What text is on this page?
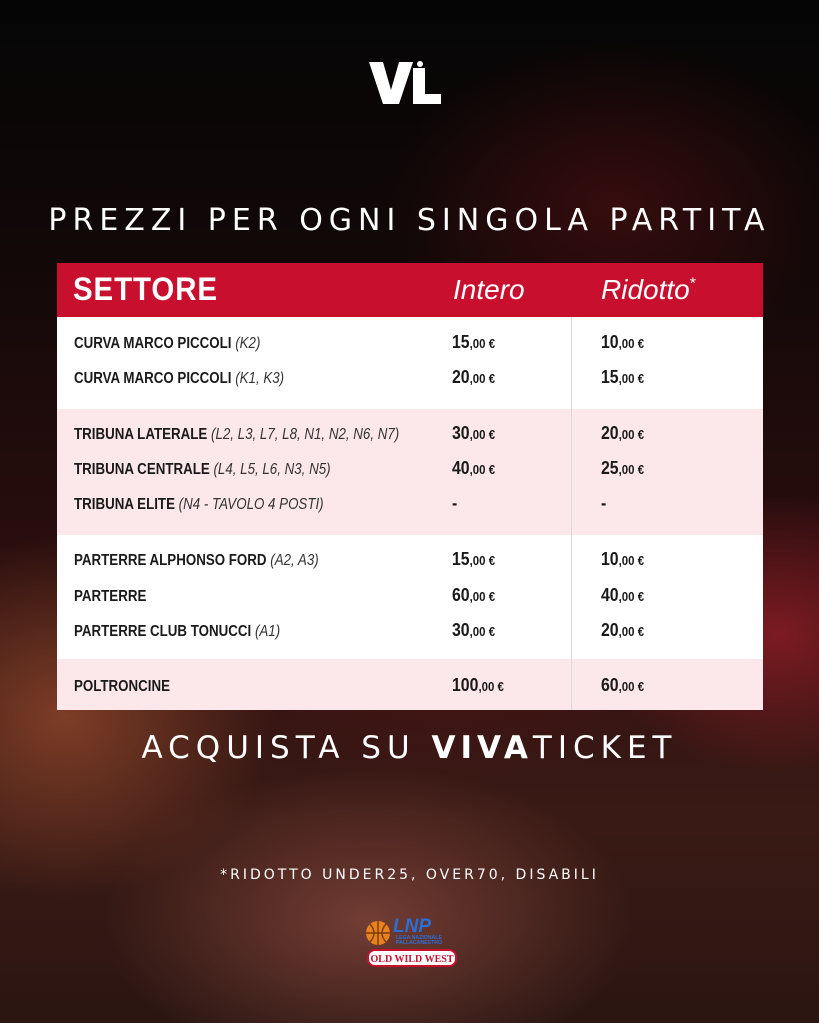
PREZZI PER OGNI SINGOLA PARTITA
SETTORE	Intero	Ridotto*
CURVA MARCO PICCOLI (K2)	15,00 €	10,00 €
CURVA MARCO PICCOLI (K1, K3)	20,00 €	15,00 €
TRIBUNA LATERALE (L2, L3, L7, L8, N1, N2, N6, N7)	30,00 €	20,00 €
TRIBUNA CENTRALE (L4, L5, L6, N3, N5)	40,00 €	25,00 €
TRIBUNA ELITE (N4 - TAVOLO 4 POSTI)	-	-
PARTERRE ALPHONSO FORD (A2, A3)	15,00 €	10,00 €
PARTERRE	60,00 €	40,00 €
PARTERRE CLUB TONUCCI (A1)	30,00 €	20,00 €
POLTRONCINE	100,00 €	60,00 €
ACQUISTA SU VIVATICKET
*RIDOTTO UNDER25, OVER70, DISABILI
LNP
LEGA NAZIONALE
PALLACANESTRO
OLD WILD WEST
